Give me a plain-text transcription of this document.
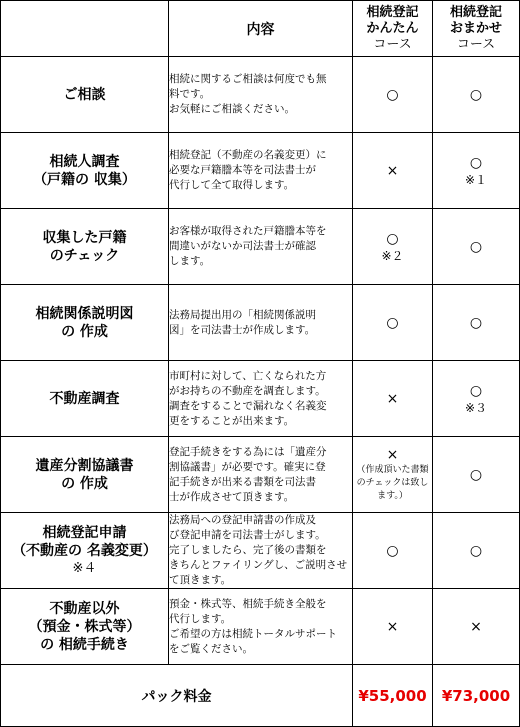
	内容	相続登記
かんたん
コース	相続登記
おまかせ
コース

ご相談	相続に関するご相談は何度でも無
料です。
お気軽にご相談ください。	○	○

相続人調査
（戸籍の 収集）	相続登記（不動産の名義変更）に
必要な戸籍謄本等を司法書士が
代行して全て取得します。	×	○
※１

収集した戸籍
のチェック	お客様が取得された戸籍謄本等を
間違いがないか司法書士が確認
します。	○
※２	○

相続関係説明図
の 作成	法務局提出用の「相続関係説明
図」を司法書士が作成します。	○	○

不動産調査	市町村に対して、亡くなられた方
がお持ちの不動産を調査します。
調査をすることで漏れなく名義変
更をすることが出来ます。	×	○
※３

遺産分割協議書
の 作成	登記手続きをする為には「遺産分
割協議書」が必要です。確実に登
記手続きが出来る書類を司法書
士が作成させて頂きます。	×
（作成頂いた書類
のチェックは致し
ます。）	○

相続登記申請
（不動産の 名義変更）
※４	法務局への登記申請書の作成及
び登記申請を司法書士がします。
完了しましたら、完了後の書類を
きちんとファイリングし、ご説明させ
て頂きます。	○	○

不動産以外
（預金・株式等）
の 相続手続き	預金・株式等、相続手続き全般を
代行します。
ご希望の方は相続トータルサポート
をご覧ください。	×	×
パック料金		¥55,000	¥73,000
